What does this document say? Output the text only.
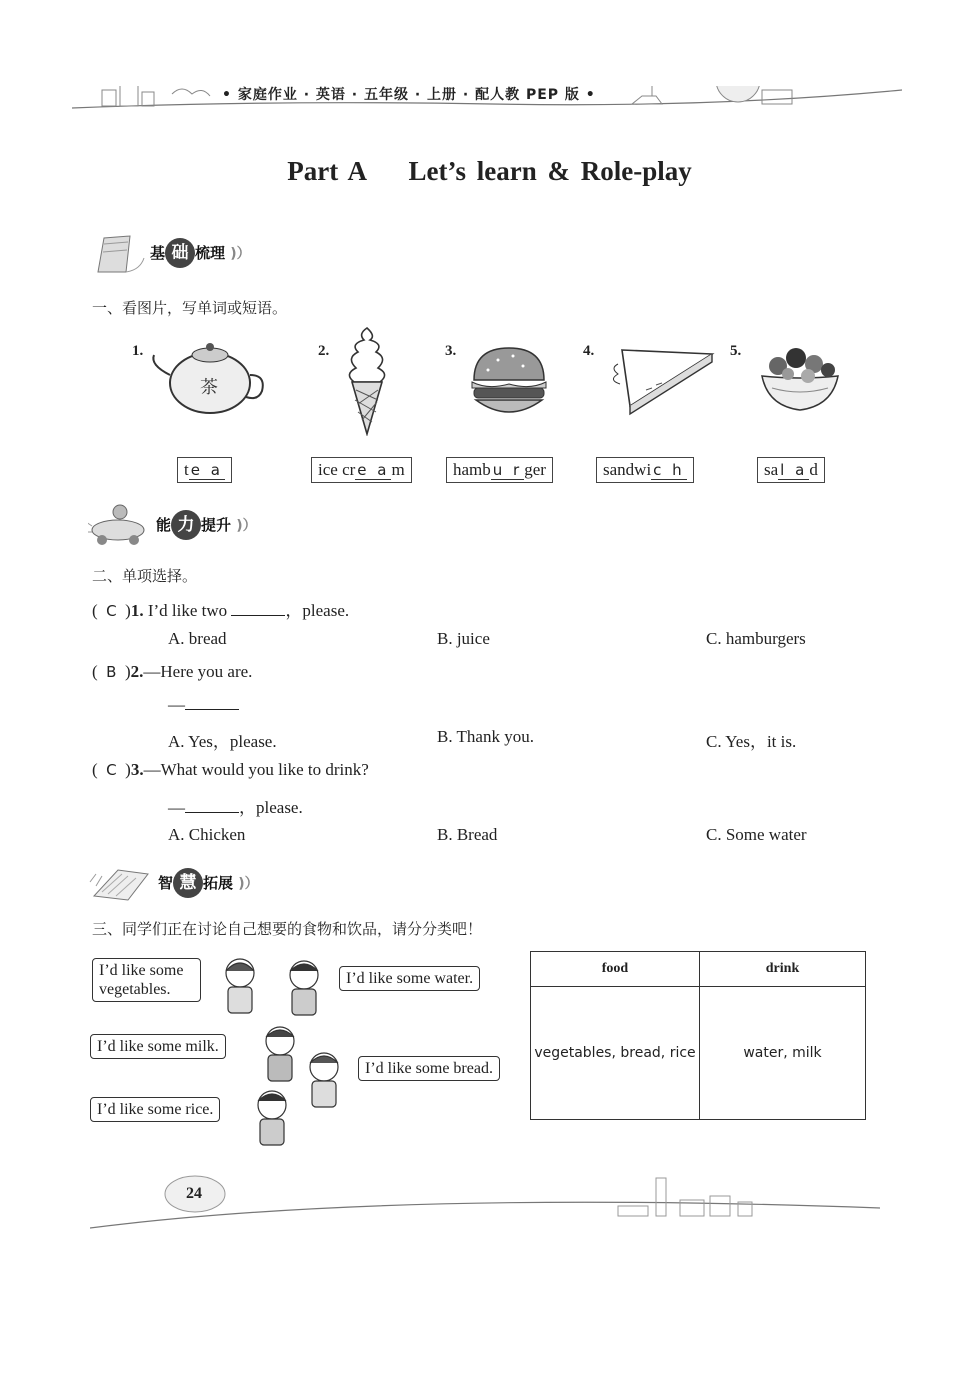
• 家庭作业 · 英语 · 五年级 · 上册 · 配人教 PEP 版 •
Part A    Let’s learn & Role-play
基 础 梳理 )）
一、看图片，写单词或短语。
1.
茶
2.	3.	4.	5.
t e a	ice cr e a m	hamb u r ger	sandwi c h	sa l a d
能 力 提升 )）
二、单项选择。
(  C  )1. I’d like two	，please.
A. bread	B. juice	C. hamburgers
(  B  )2.—Here you are.
—
A. Yes，please.	B. Thank you.	C. Yes，it is.
(  C  )3.—What would you like to drink?
—	，please.
A. Chicken	B. Bread	C. Some water
智 慧 拓展 )）
三、同学们正在讨论自己想要的食物和饮品，请分分类吧！
I’d like some vegetables.
I’d like some water.
I’d like some milk.
I’d like some bread.
I’d like some rice.
food	drink
vegetables, bread, rice	water, milk
24
